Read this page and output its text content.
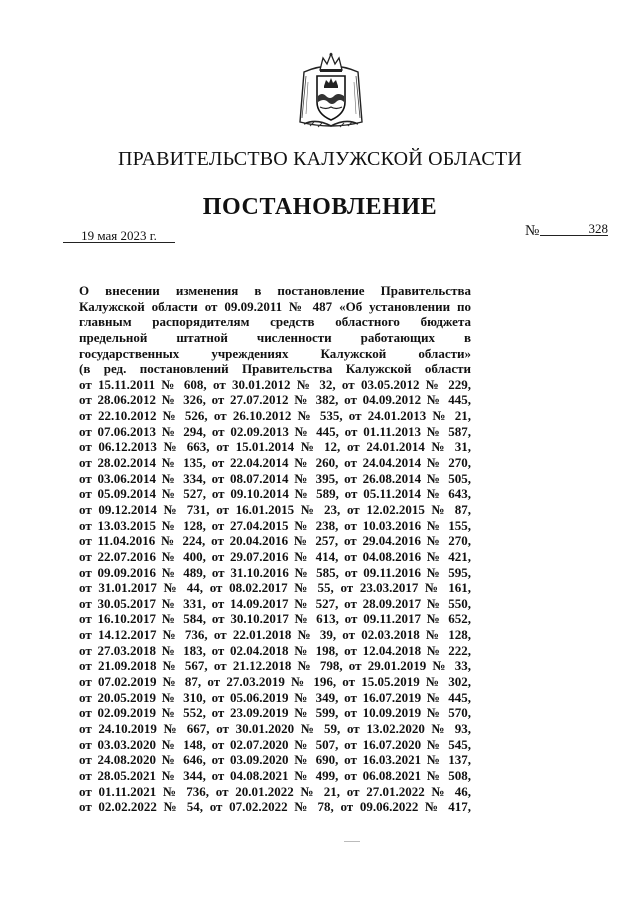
ПРАВИТЕЛЬСТВО КАЛУЖСКОЙ ОБЛАСТИ
ПОСТАНОВЛЕНИЕ
19 мая 2023 г.	№	328
О внесении изменения в постановление Правительства
Калужской области от 09.09.2011 № 487 «Об установлении по
главным распорядителям средств областного бюджета
предельной штатной численности работающих в
государственных учреждениях Калужской области»
(в ред. постановлений Правительства Калужской области
от 15.11.2011 № 608, от 30.01.2012 № 32, от 03.05.2012 № 229,
от 28.06.2012 № 326, от 27.07.2012 № 382, от 04.09.2012 № 445,
от 22.10.2012 № 526, от 26.10.2012 № 535, от 24.01.2013 № 21,
от 07.06.2013 № 294, от 02.09.2013 № 445, от 01.11.2013 № 587,
от 06.12.2013 № 663, от 15.01.2014 № 12, от 24.01.2014 № 31,
от 28.02.2014 № 135, от 22.04.2014 № 260, от 24.04.2014 № 270,
от 03.06.2014 № 334, от 08.07.2014 № 395, от 26.08.2014 № 505,
от 05.09.2014 № 527, от 09.10.2014 № 589, от 05.11.2014 № 643,
от 09.12.2014 № 731, от 16.01.2015 № 23, от 12.02.2015 № 87,
от 13.03.2015 № 128, от 27.04.2015 № 238, от 10.03.2016 № 155,
от 11.04.2016 № 224, от 20.04.2016 № 257, от 29.04.2016 № 270,
от 22.07.2016 № 400, от 29.07.2016 № 414, от 04.08.2016 № 421,
от 09.09.2016 № 489, от 31.10.2016 № 585, от 09.11.2016 № 595,
от 31.01.2017 № 44, от 08.02.2017 № 55, от 23.03.2017 № 161,
от 30.05.2017 № 331, от 14.09.2017 № 527, от 28.09.2017 № 550,
от 16.10.2017 № 584, от 30.10.2017 № 613, от 09.11.2017 № 652,
от 14.12.2017 № 736, от 22.01.2018 № 39, от 02.03.2018 № 128,
от 27.03.2018 № 183, от 02.04.2018 № 198, от 12.04.2018 № 222,
от 21.09.2018 № 567, от 21.12.2018 № 798, от 29.01.2019 № 33,
от 07.02.2019 № 87, от 27.03.2019 № 196, от 15.05.2019 № 302,
от 20.05.2019 № 310, от 05.06.2019 № 349, от 16.07.2019 № 445,
от 02.09.2019 № 552, от 23.09.2019 № 599, от 10.09.2019 № 570,
от 24.10.2019 № 667, от 30.01.2020 № 59, от 13.02.2020 № 93,
от 03.03.2020 № 148, от 02.07.2020 № 507, от 16.07.2020 № 545,
от 24.08.2020 № 646, от 03.09.2020 № 690, от 16.03.2021 № 137,
от 28.05.2021 № 344, от 04.08.2021 № 499, от 06.08.2021 № 508,
от 01.11.2021 № 736, от 20.01.2022 № 21, от 27.01.2022 № 46,
от 02.02.2022 № 54, от 07.02.2022 № 78, от 09.06.2022 № 417,
